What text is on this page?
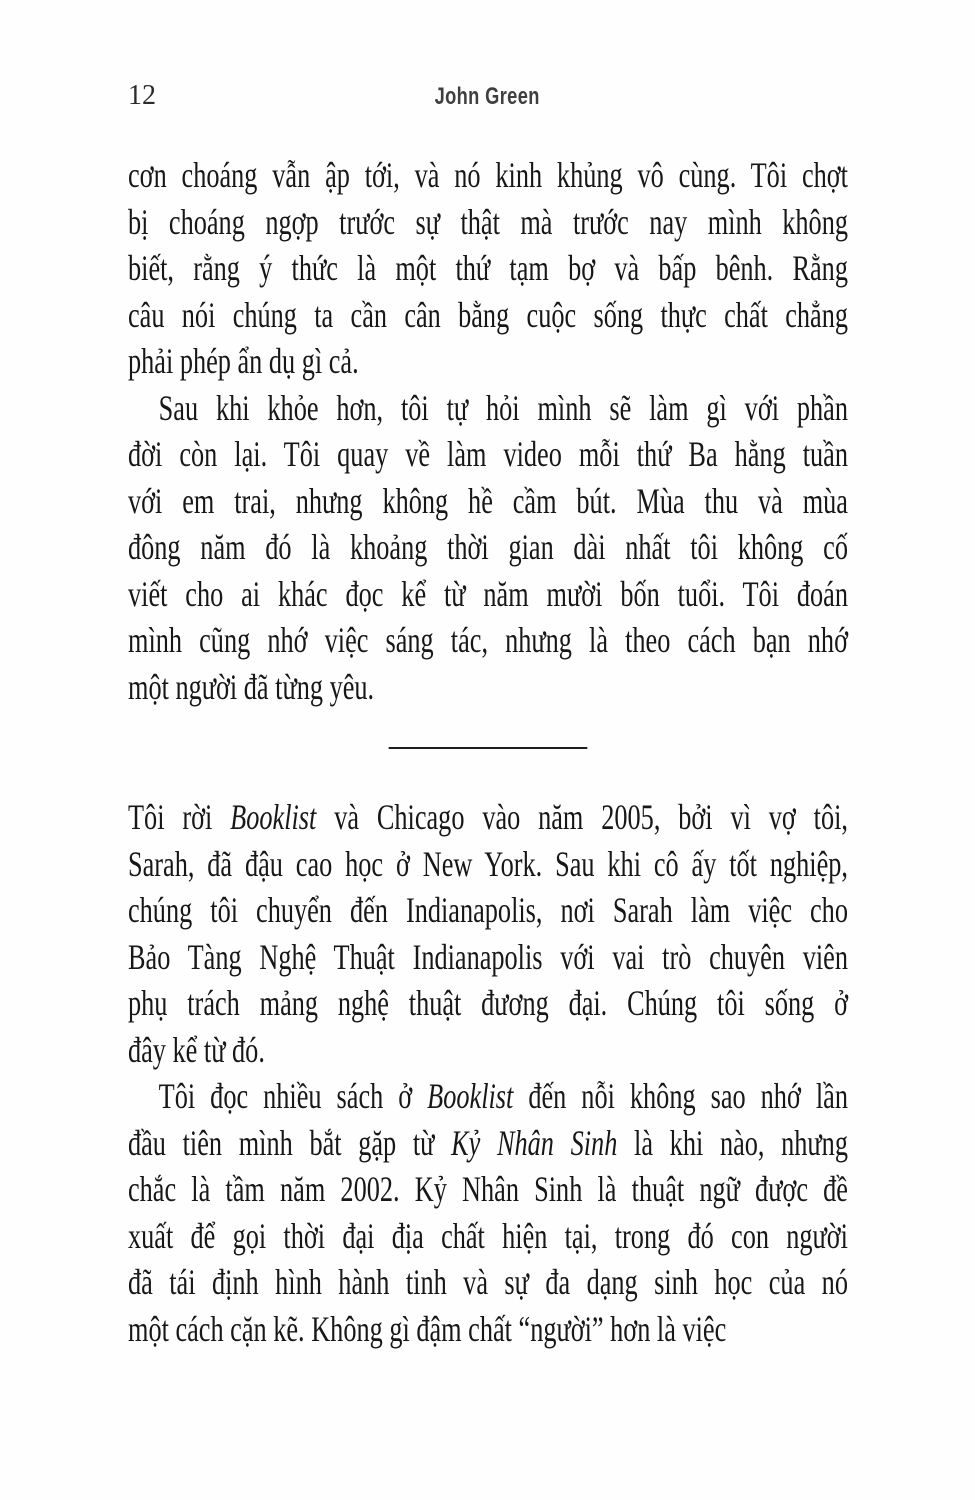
12	John Green
cơn choáng vẫn ập tới, và nó kinh khủng vô cùng. Tôi chợt
bị choáng ngợp trước sự thật mà trước nay mình không
biết, rằng ý thức là một thứ tạm bợ và bấp bênh. Rằng
câu nói chúng ta cần cân bằng cuộc sống thực chất chẳng
phải phép ẩn dụ gì cả.
Sau khi khỏe hơn, tôi tự hỏi mình sẽ làm gì với phần
đời còn lại. Tôi quay về làm video mỗi thứ Ba hằng tuần
với em trai, nhưng không hề cầm bút. Mùa thu và mùa
đông năm đó là khoảng thời gian dài nhất tôi không cố
viết cho ai khác đọc kể từ năm mười bốn tuổi. Tôi đoán
mình cũng nhớ việc sáng tác, nhưng là theo cách bạn nhớ
một người đã từng yêu.
Tôi rời Booklist và Chicago vào năm 2005, bởi vì vợ tôi,
Sarah, đã đậu cao học ở New York. Sau khi cô ấy tốt nghiệp,
chúng tôi chuyển đến Indianapolis, nơi Sarah làm việc cho
Bảo Tàng Nghệ Thuật Indianapolis với vai trò chuyên viên
phụ trách mảng nghệ thuật đương đại. Chúng tôi sống ở
đây kể từ đó.
Tôi đọc nhiều sách ở Booklist đến nỗi không sao nhớ lần
đầu tiên mình bắt gặp từ Kỷ Nhân Sinh là khi nào, nhưng
chắc là tầm năm 2002. Kỷ Nhân Sinh là thuật ngữ được đề
xuất để gọi thời đại địa chất hiện tại, trong đó con người
đã tái định hình hành tinh và sự đa dạng sinh học của nó
một cách cặn kẽ. Không gì đậm chất “người” hơn là việc
